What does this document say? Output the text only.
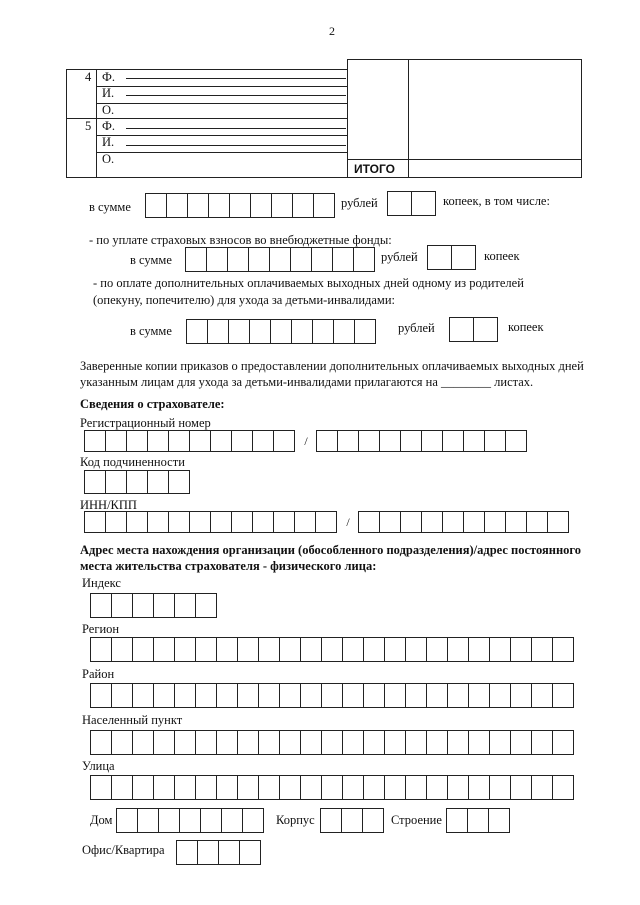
2
4 Ф.
И.
О.
5 Ф.
И.
О.
ИТОГО
в сумме	рублей	копеек, в том числе:
- по уплате страховых взносов во внебюджетные фонды:
в сумме	рублей	копеек
- по оплате дополнительных оплачиваемых выходных дней одному из родителей
(опекуну, попечителю) для ухода за детьми-инвалидами:
в сумме	рублей	копеек
Заверенные копии приказов о предоставлении дополнительных оплачиваемых выходных дней
указанным лицам для ухода за детьми-инвалидами прилагаются на ________ листах.
Сведения о страхователе:
Регистрационный номер
/
Код подчиненности
ИНН/КПП
/
Адрес места нахождения организации (обособленного подразделения)/адрес постоянного
места жительства страхователя - физического лица:
Индекс
Регион
Район
Населенный пункт
Улица
Дом	Корпус	Строение
Офис/Квартира
